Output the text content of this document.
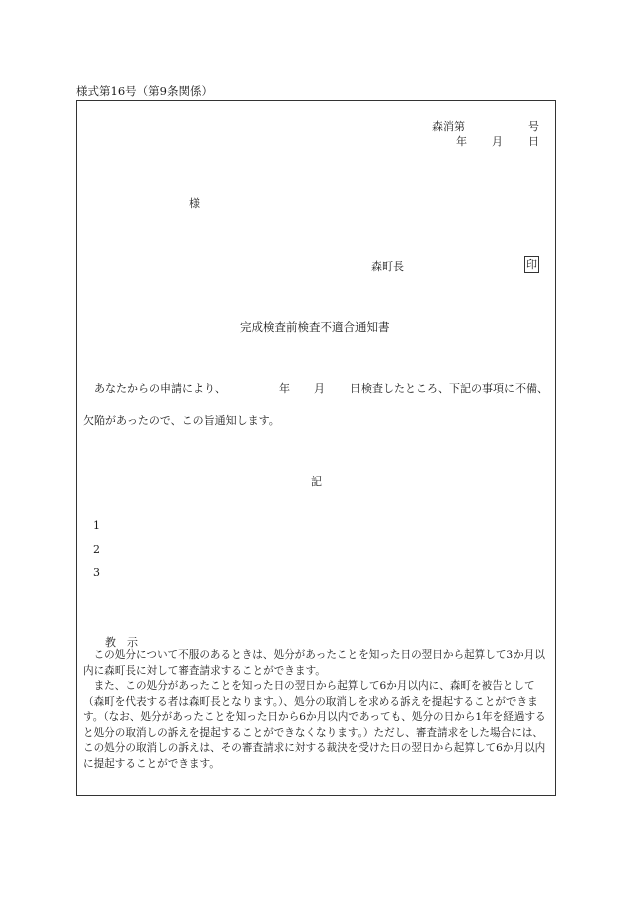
様式第16号（第9条関係）
森消第	号
年 月 日
様
森町長	印
完成検査前検査不適合通知書
あなたからの申請により、	年 月 日検査したところ、下記の事項に不備、
欠陥があったので、この旨通知します。
記
1
2
3
教　示

この処分について不服のあるときは、処分があったことを知った日の翌日から起算して3か月以内に森町長に対して審査請求することができます。

また、この処分があったことを知った日の翌日から起算して6か月以内に、森町を被告として（森町を代表する者は森町長となります。）、処分の取消しを求める訴えを提起することができます。（なお、処分があったことを知った日から6か月以内であっても、処分の日から1年を経過すると処分の取消しの訴えを提起することができなくなります。）ただし、審査請求をした場合には、この処分の取消しの訴えは、その審査請求に対する裁決を受けた日の翌日から起算して6か月以内に提起することができます。
